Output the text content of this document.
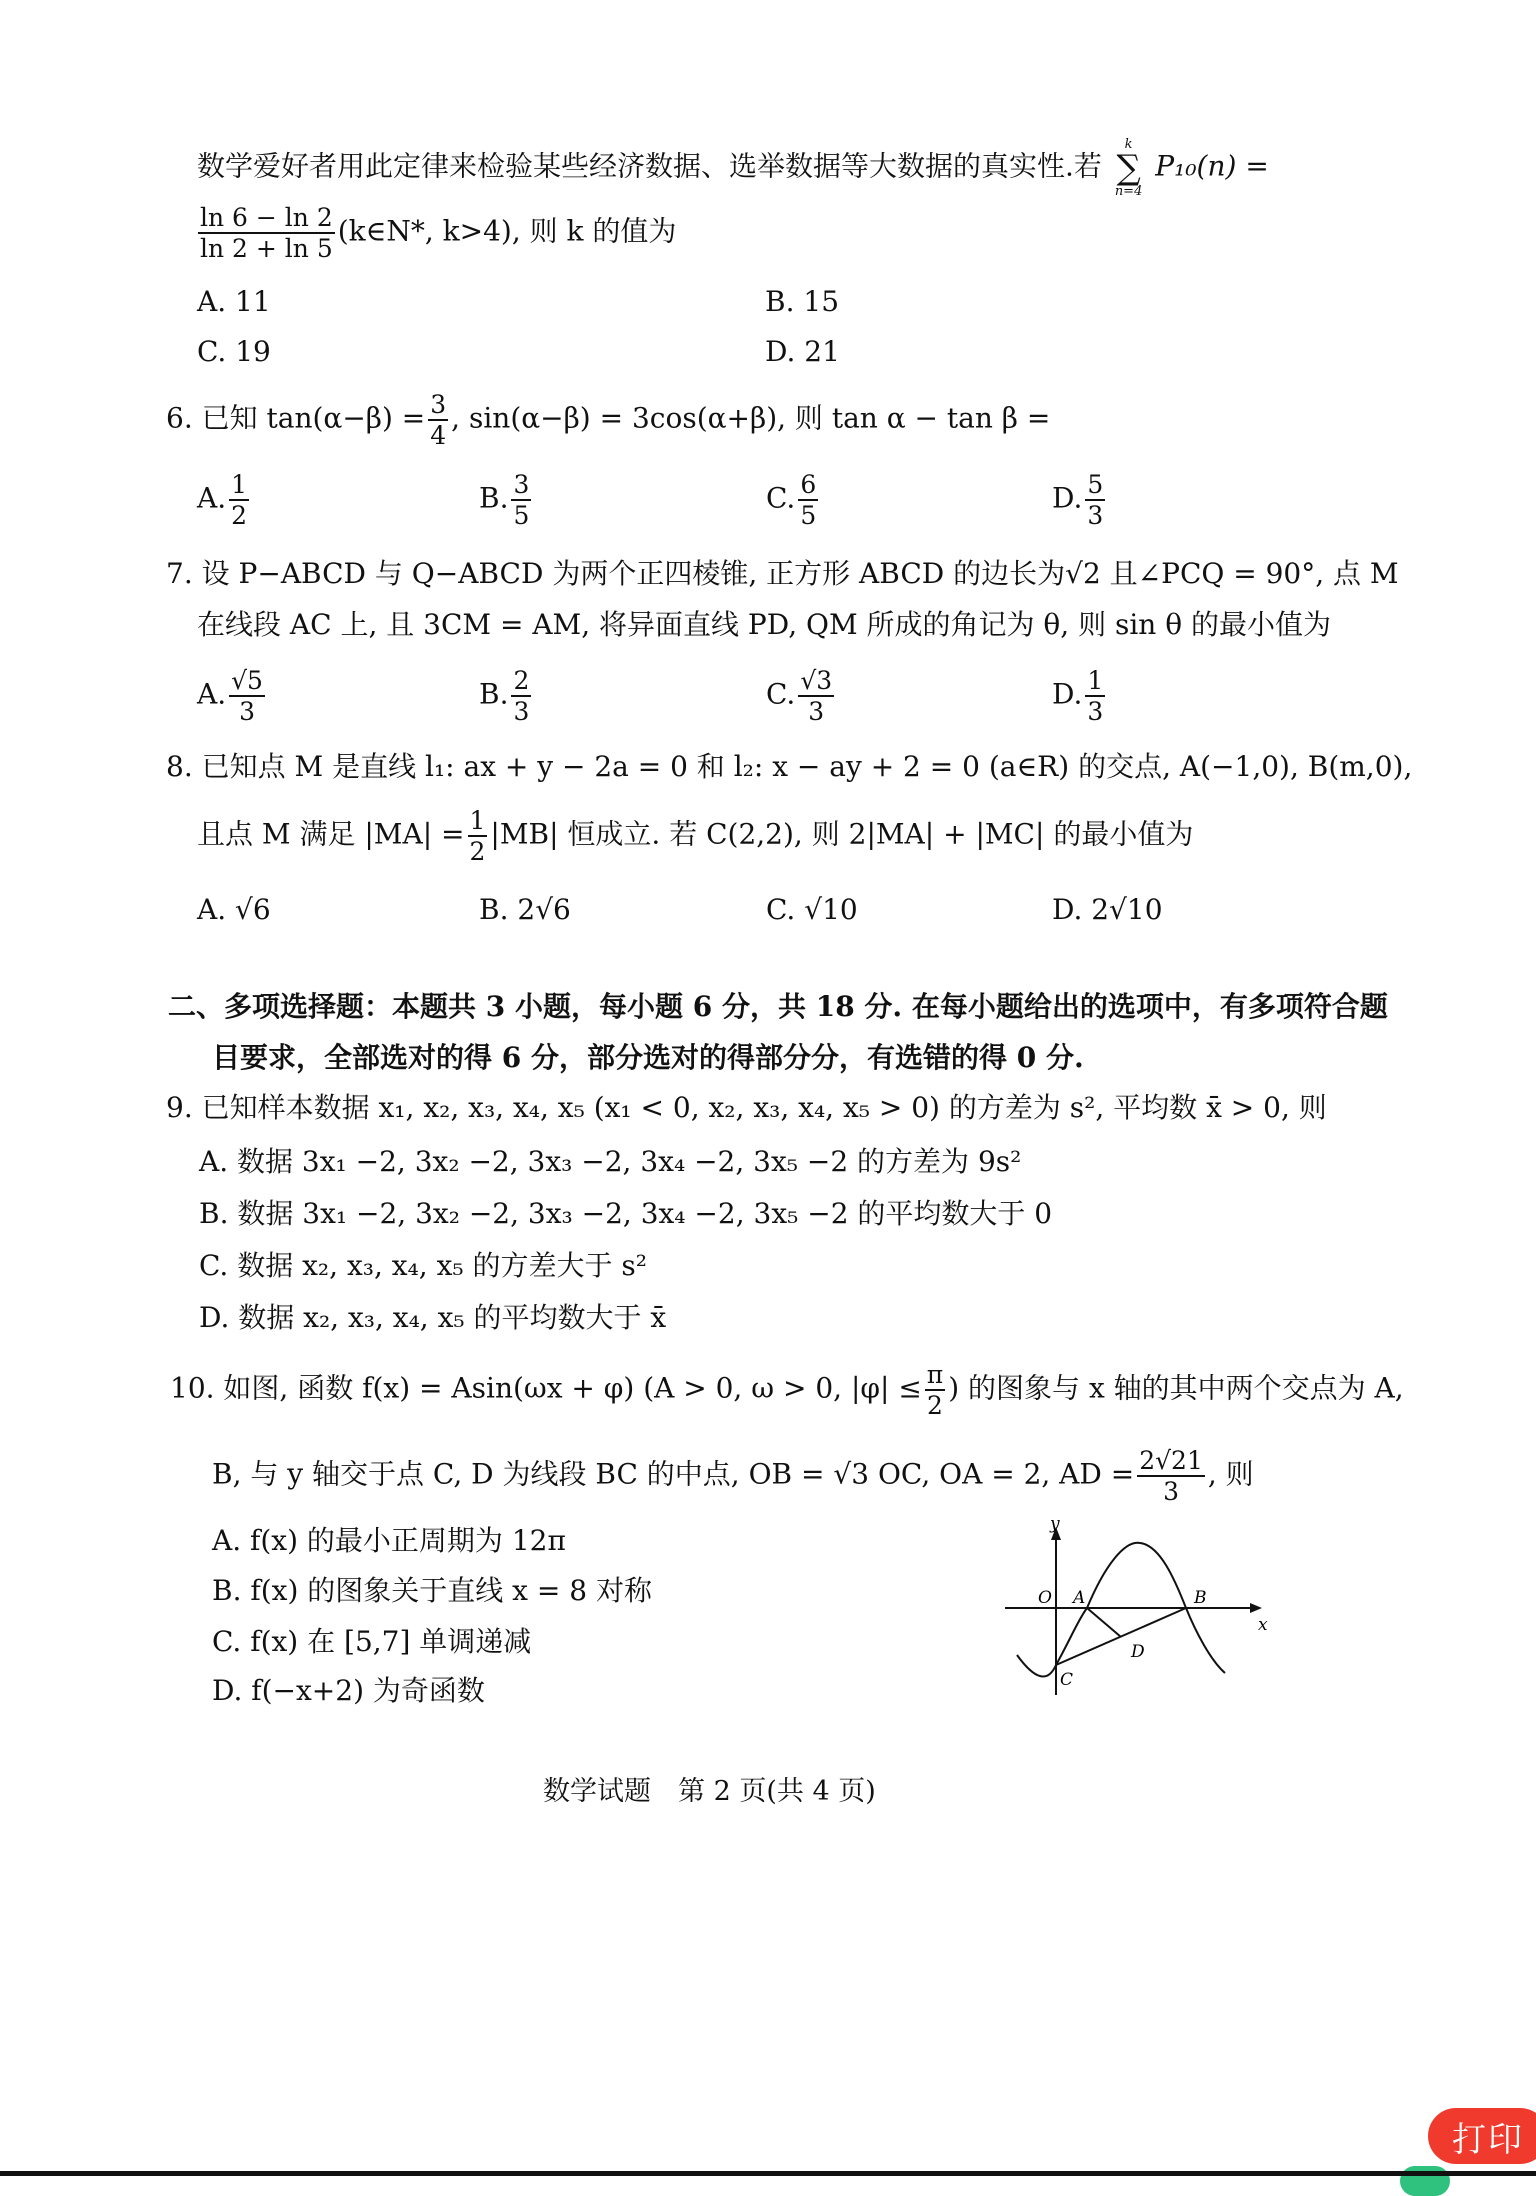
数学爱好者用此定律来检验某些经济数据、选举数据等大数据的真实性.若
k
∑
n=4
P₁₀(n) =
$\frac{\ln 6 - \ln 2}{\ln 2 + \ln 5}$ (k∈N*, k>4), 则 k 的值为
A. 11	B. 15
C. 19	D. 21
6. 已知 $\tan(\alpha-\beta) = \frac{3}{4}$ , sin(α−β) = 3cos(α+β), 则 tan α − tan β =
A. $\frac{1}{2}$	B. $\frac{3}{5}$	C. $\frac{6}{5}$	D. $\frac{5}{3}$
7. 设 P−ABCD 与 Q−ABCD 为两个正四棱锥, 正方形 ABCD 的边长为√2 且∠PCQ = 90°, 点 M
在线段 AC 上, 且 3CM = AM, 将异面直线 PD, QM 所成的角记为 θ, 则 sin θ 的最小值为
A. $\frac{√5}{3}$	B. $\frac{2}{3}$	C. $\frac{√3}{3}$	D. $\frac{1}{3}$
8. 已知点 M 是直线 l₁: ax + y − 2a = 0 和 l₂: x − ay + 2 = 0 (a∈R) 的交点, A(−1,0), B(m,0),
且点 M 满足 $|MA| = \frac{1}{2} |MB|$ 恒成立. 若 C(2,2), 则 2|MA| + |MC| 的最小值为
A. √6	B. 2√6	C. √10	D. 2√10
二、多项选择题：本题共 3 小题，每小题 6 分，共 18 分. 在每小题给出的选项中，有多项符合题
目要求，全部选对的得 6 分，部分选对的得部分分，有选错的得 0 分.
9. 已知样本数据 x₁, x₂, x₃, x₄, x₅ (x₁ < 0, x₂, x₃, x₄, x₅ > 0) 的方差为 s², 平均数 x̄ > 0, 则
A. 数据 3x₁ −2, 3x₂ −2, 3x₃ −2, 3x₄ −2, 3x₅ −2 的方差为 9s²
B. 数据 3x₁ −2, 3x₂ −2, 3x₃ −2, 3x₄ −2, 3x₅ −2 的平均数大于 0
C. 数据 x₂, x₃, x₄, x₅ 的方差大于 s²
D. 数据 x₂, x₃, x₄, x₅ 的平均数大于 x̄
10. 如图, 函数 f(x) = Asin(ωx + φ) (A > 0, ω > 0, $|\varphi| \le \frac{\pi}{2}$ ) 的图象与 x 轴的其中两个交点为 A,
B, 与 y 轴交于点 C, D 为线段 BC 的中点, OB = √3 OC, OA = 2, AD = $\frac{2√21}{3}$ , 则
A. f(x) 的最小正周期为 12π
B. f(x) 的图象关于直线 x = 8 对称
C. f(x) 在 [5,7] 单调递减
D. f(−x+2) 为奇函数
y
x
O A	B
C
D
数学试题　第 2 页(共 4 页)
打印
